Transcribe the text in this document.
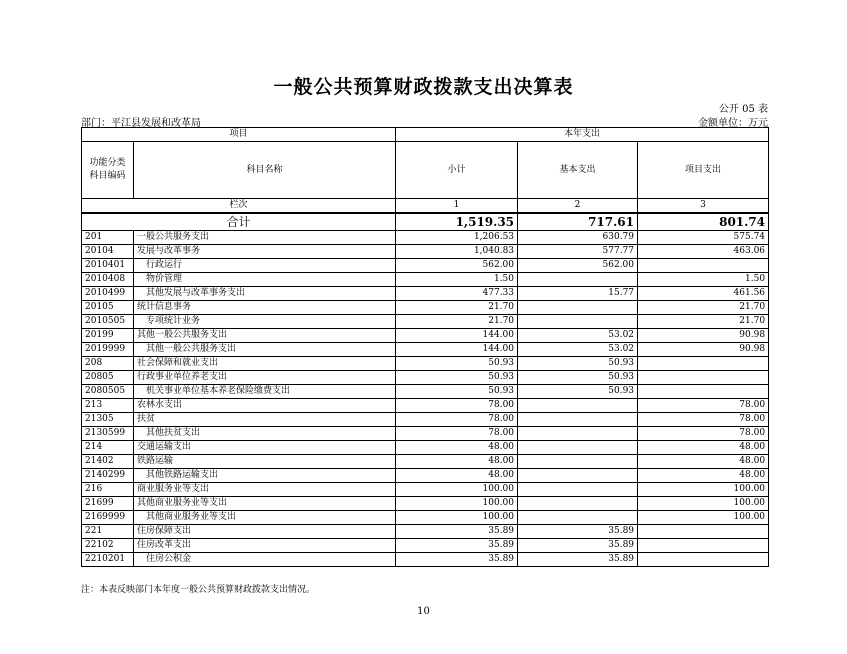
一般公共预算财政拨款支出决算表
公开 05 表
部门：平江县发展和改革局	金额单位：万元
项目		本年支出		

功能分类
科目编码	科目名称	小计	基本支出	项目支出
栏次		1	2	3
合计		1,519.35	717.61	801.74
201	一般公共服务支出	1,206.53	630.79	575.74
20104	发展与改革事务	1,040.83	577.77	463.06
2010401	行政运行	562.00	562.00	
2010408	物价管理	1.50		1.50
2010499	其他发展与改革事务支出	477.33	15.77	461.56
20105	统计信息事务	21.70		21.70
2010505	专项统计业务	21.70		21.70
20199	其他一般公共服务支出	144.00	53.02	90.98
2019999	其他一般公共服务支出	144.00	53.02	90.98
208	社会保障和就业支出	50.93	50.93	
20805	行政事业单位养老支出	50.93	50.93	
2080505	机关事业单位基本养老保险缴费支出	50.93	50.93	
213	农林水支出	78.00		78.00
21305	扶贫	78.00		78.00
2130599	其他扶贫支出	78.00		78.00
214	交通运输支出	48.00		48.00
21402	铁路运输	48.00		48.00
2140299	其他铁路运输支出	48.00		48.00
216	商业服务业等支出	100.00		100.00
21699	其他商业服务业等支出	100.00		100.00
2169999	其他商业服务业等支出	100.00		100.00
221	住房保障支出	35.89	35.89	
22102	住房改革支出	35.89	35.89	
2210201	住房公积金	35.89	35.89	
注：本表反映部门本年度一般公共预算财政拨款支出情况。
10
